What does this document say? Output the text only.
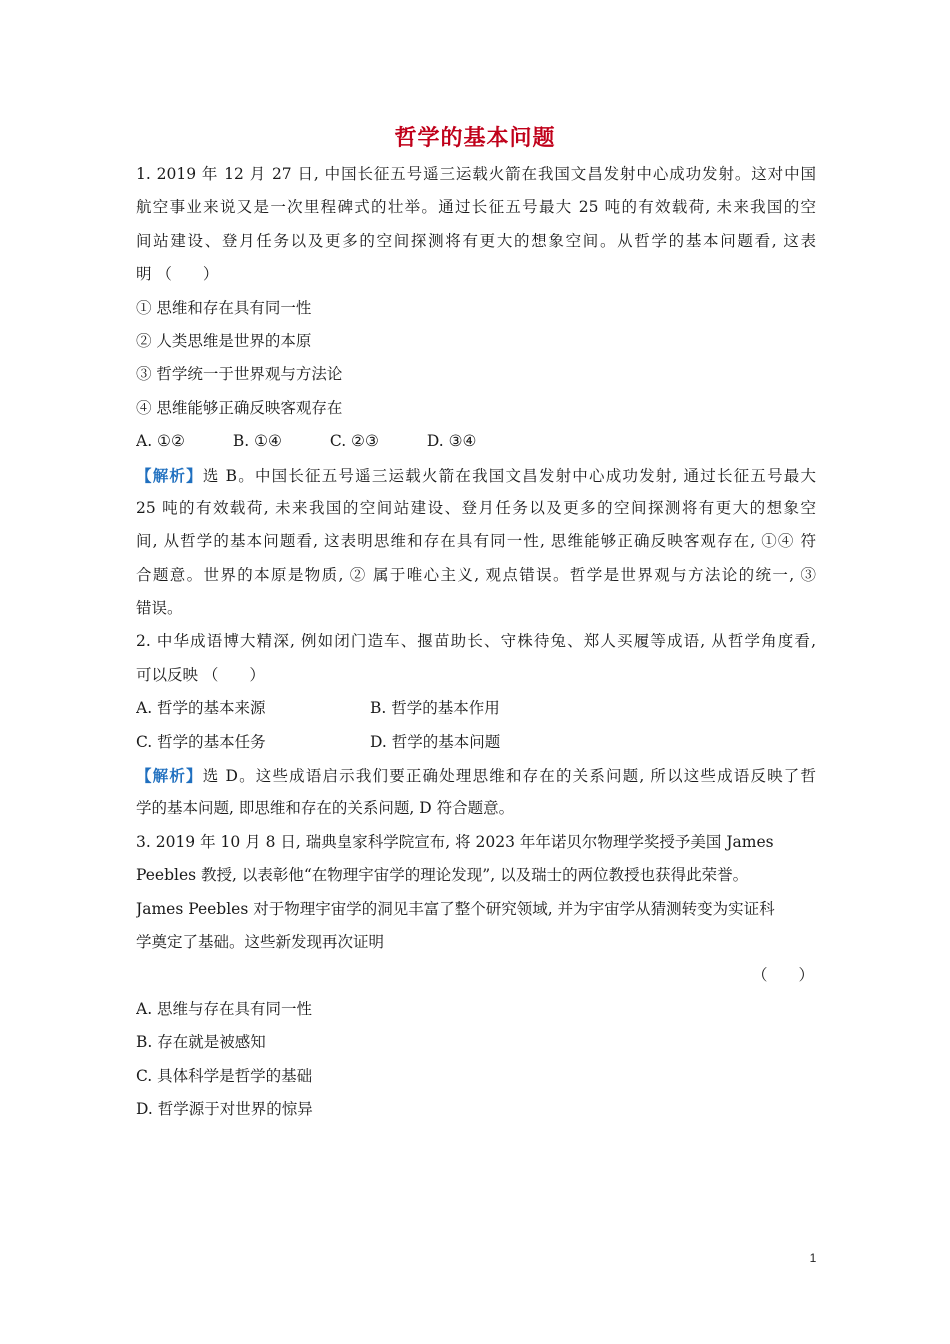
哲学的基本问题
1. 2019 年 12 月 27 日, 中国长征五号遥三运载火箭在我国文昌发射中心成功发射。这对中国
航空事业来说又是一次里程碑式的壮举。通过长征五号最大 25 吨的有效载荷, 未来我国的空
间站建设、登月任务以及更多的空间探测将有更大的想象空间。从哲学的基本问题看, 这表
明 （　　）
① 思维和存在具有同一性
② 人类思维是世界的本原
③ 哲学统一于世界观与方法论
④ 思维能够正确反映客观存在
A. ①②	B. ①④	C. ②③	D. ③④
【解析】选 B。中国长征五号遥三运载火箭在我国文昌发射中心成功发射, 通过长征五号最大
25 吨的有效载荷, 未来我国的空间站建设、登月任务以及更多的空间探测将有更大的想象空
间, 从哲学的基本问题看, 这表明思维和存在具有同一性, 思维能够正确反映客观存在, ①④ 符
合题意。世界的本原是物质, ② 属于唯心主义, 观点错误。哲学是世界观与方法论的统一, ③
错误。
2. 中华成语博大精深, 例如闭门造车、揠苗助长、守株待兔、郑人买履等成语, 从哲学角度看,
可以反映 （　　）
A. 哲学的基本来源	B. 哲学的基本作用
C. 哲学的基本任务	D. 哲学的基本问题
【解析】选 D。这些成语启示我们要正确处理思维和存在的关系问题, 所以这些成语反映了哲
学的基本问题, 即思维和存在的关系问题, D 符合题意。
3. 2019 年 10 月 8 日, 瑞典皇家科学院宣布, 将 2023 年年诺贝尔物理学奖授予美国 James
Peebles 教授, 以表彰他“在物理宇宙学的理论发现”, 以及瑞士的两位教授也获得此荣誉。
James Peebles 对于物理宇宙学的洞见丰富了整个研究领域, 并为宇宙学从猜测转变为实证科
学奠定了基础。这些新发现再次证明
（　　）
A. 思维与存在具有同一性
B. 存在就是被感知
C. 具体科学是哲学的基础
D. 哲学源于对世界的惊异
1
